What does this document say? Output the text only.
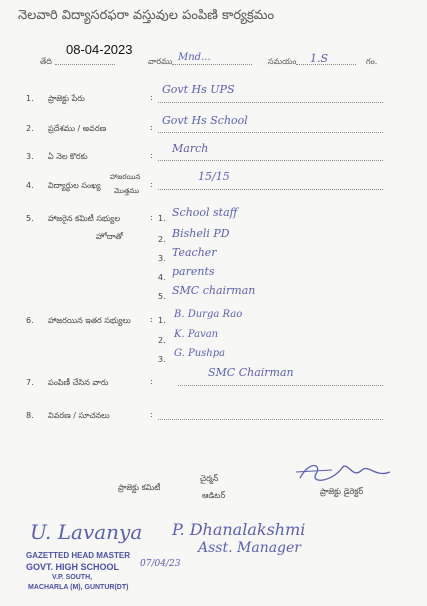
నెలవారి విద్యాసరఫరా వస్తువుల పంపిణి కార్యక్రమం
తేది
08-04-2023
వారము Mnd...	సమయం 1.S	గం.
1. ప్రాజెక్టు పేరు	:
Govt Hs UPS
2. ప్రదేశము / అవరణ	:
Govt Hs School
3. ఏ నెల కొరకు	:
March
4. విద్యార్థుల సంఖ్య
హాజరయిన
మొత్తము
:
15/15
5. హాజరైన కమిటీ సభ్యుల
హోదాతో
: 1. School staff
2. Bisheli PD
3. Teacher
4. parents
5. SMC chairman
6. హాజరయిన ఇతర సభ్యులు : 1.
B. Durga Rao
2.
K. Pavan
3.
G. Pushpa
7. పంపిణీ చేసిన వారు	:
SMC Chairman
8. వివరణ / సూచనలు	:
ప్రాజెక్టు కమిటీ
చైర్మన్
ఆడిటర్	ప్రాజెక్టు డైరెక్టర్
U. Lavanya P. Dhanalakshmi
Asst. Manager
07/04/23
GAZETTED HEAD MASTER
GOVT. HIGH SCHOOL
V.P. SOUTH,
MACHARLA (M), GUNTUR(DT)
